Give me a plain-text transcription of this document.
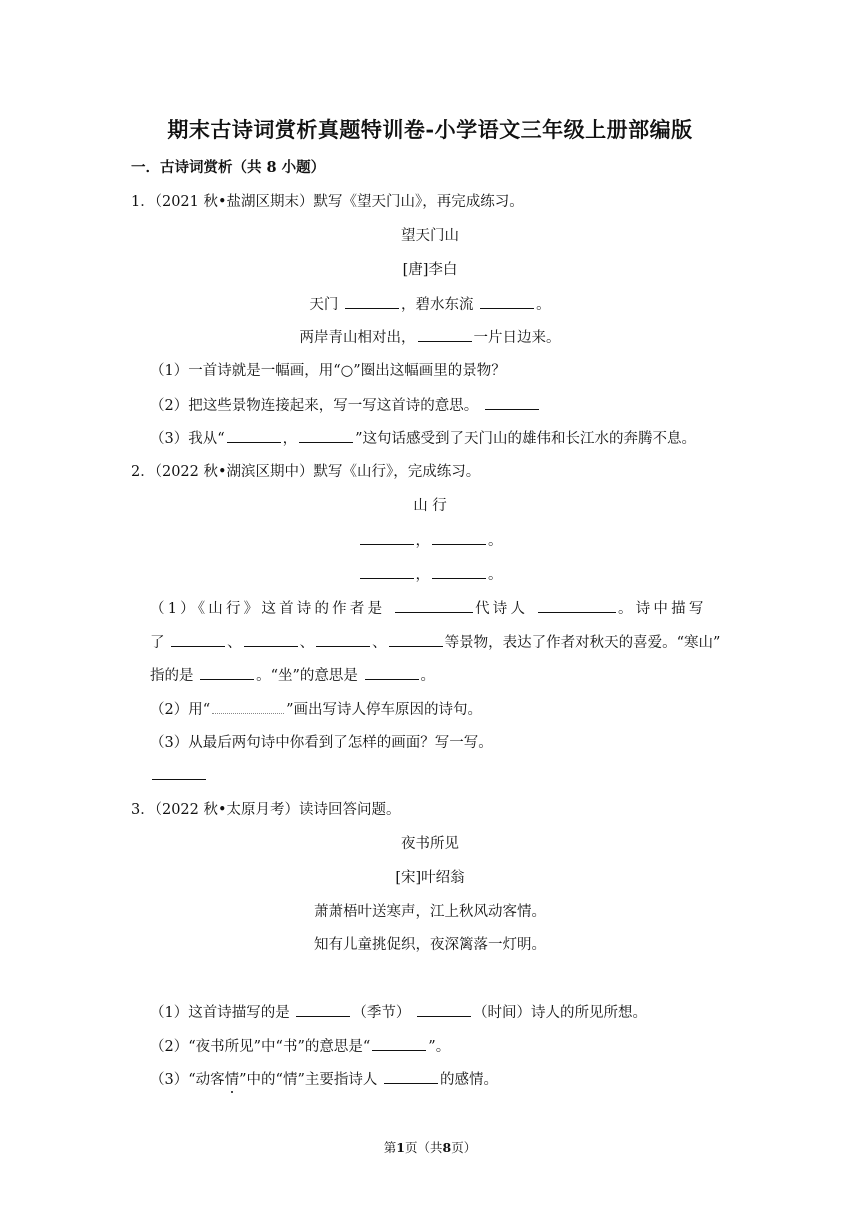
期末古诗词赏析真题特训卷-小学语文三年级上册部编版
一．古诗词赏析（共 8 小题）
1．（2021 秋•盐湖区期末）默写《望天门山》，再完成练习。
望天门山
[唐]李白
天门	，碧水东流	。
两岸青山相对出，	一片日边来。
（1）一首诗就是一幅画，用“○”圈出这幅画里的景物？
（2）把这些景物连接起来，写一写这首诗的意思。
（3）我从“	，	”这句话感受到了天门山的雄伟和长江水的奔腾不息。
2．（2022 秋•湖滨区期中）默写《山行》，完成练习。
山 行
，	。
，	。
（1）《山行》这首诗的作者是	代诗人	。诗中描写
了	、	、	、	等景物，表达了作者对秋天的喜爱。“寒山”
指的是	。“坐”的意思是	。
（2）用“	”画出写诗人停车原因的诗句。
（3）从最后两句诗中你看到了怎样的画面？写一写。
3．（2022 秋•太原月考）读诗回答问题。
夜书所见
[宋]叶绍翁
萧萧梧叶送寒声，江上秋风动客情。
知有儿童挑促织，夜深篱落一灯明。
（1）这首诗描写的是	（季节）	（时间）诗人的所见所想。
（2）“夜书所见”中“书”的意思是“	”。
（3）“动客情”中的“情”主要指诗人	的感情。
第1页（共8页）
